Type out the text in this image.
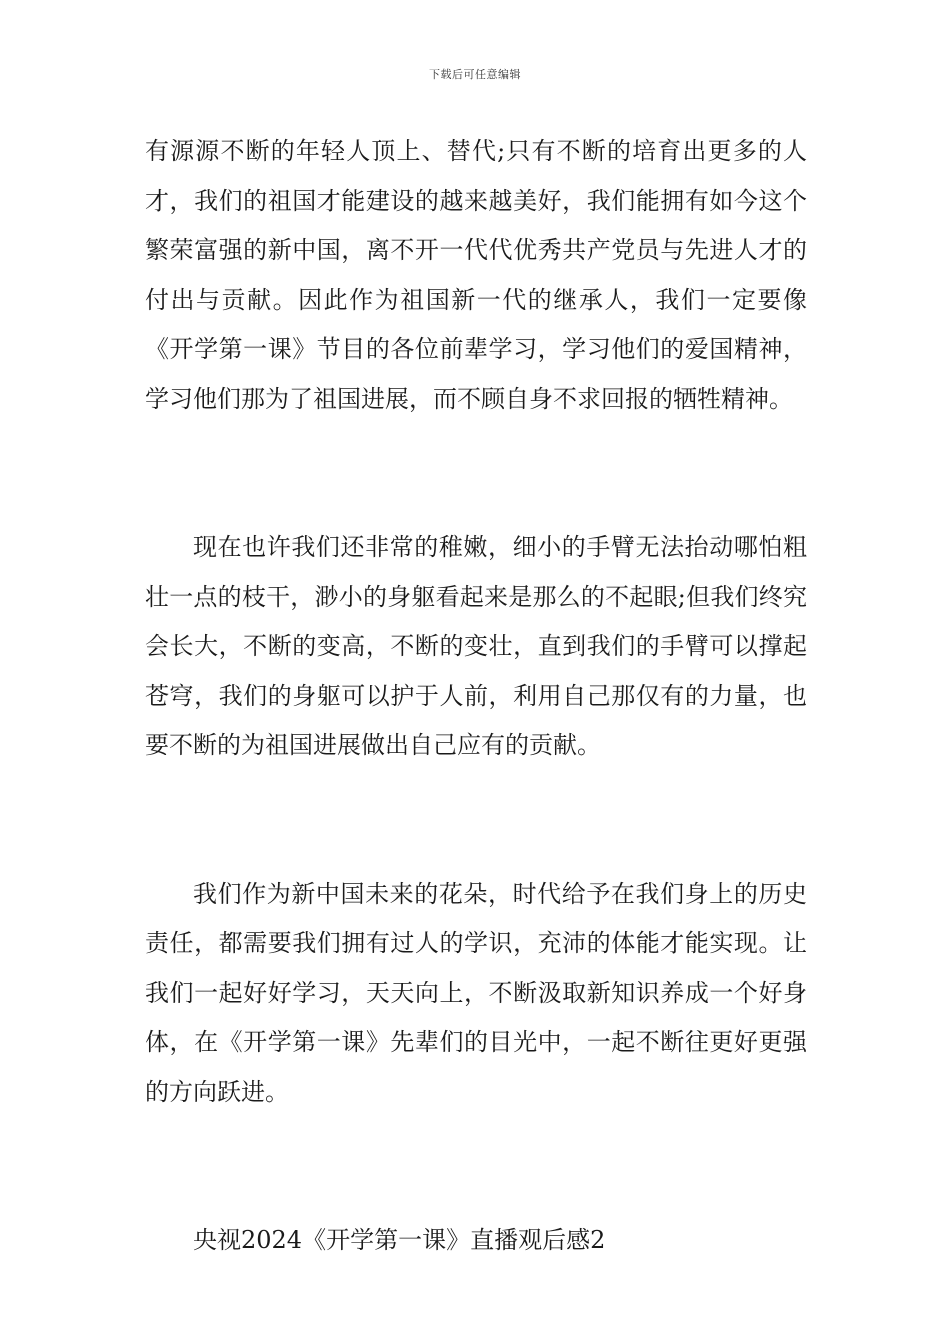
下载后可任意编辑

有源源不断的年轻人顶上、替代;只有不断的培育出更多的人才，我们的祖国才能建设的越来越美好，我们能拥有如今这个繁荣富强的新中国，离不开一代代优秀共产党员与先进人才的付出与贡献。因此作为祖国新一代的继承人，我们一定要像《开学第一课》节目的各位前辈学习，学习他们的爱国精神，学习他们那为了祖国进展，而不顾自身不求回报的牺牲精神。

现在也许我们还非常的稚嫩，细小的手臂无法抬动哪怕粗壮一点的枝干，渺小的身躯看起来是那么的不起眼;但我们终究会长大，不断的变高，不断的变壮，直到我们的手臂可以撑起苍穹，我们的身躯可以护于人前，利用自己那仅有的力量，也要不断的为祖国进展做出自己应有的贡献。

我们作为新中国未来的花朵，时代给予在我们身上的历史责任，都需要我们拥有过人的学识，充沛的体能才能实现。让我们一起好好学习，天天向上，不断汲取新知识养成一个好身体，在《开学第一课》先辈们的目光中，一起不断往更好更强的方向跃进。

央视2024《开学第一课》直播观后感2
